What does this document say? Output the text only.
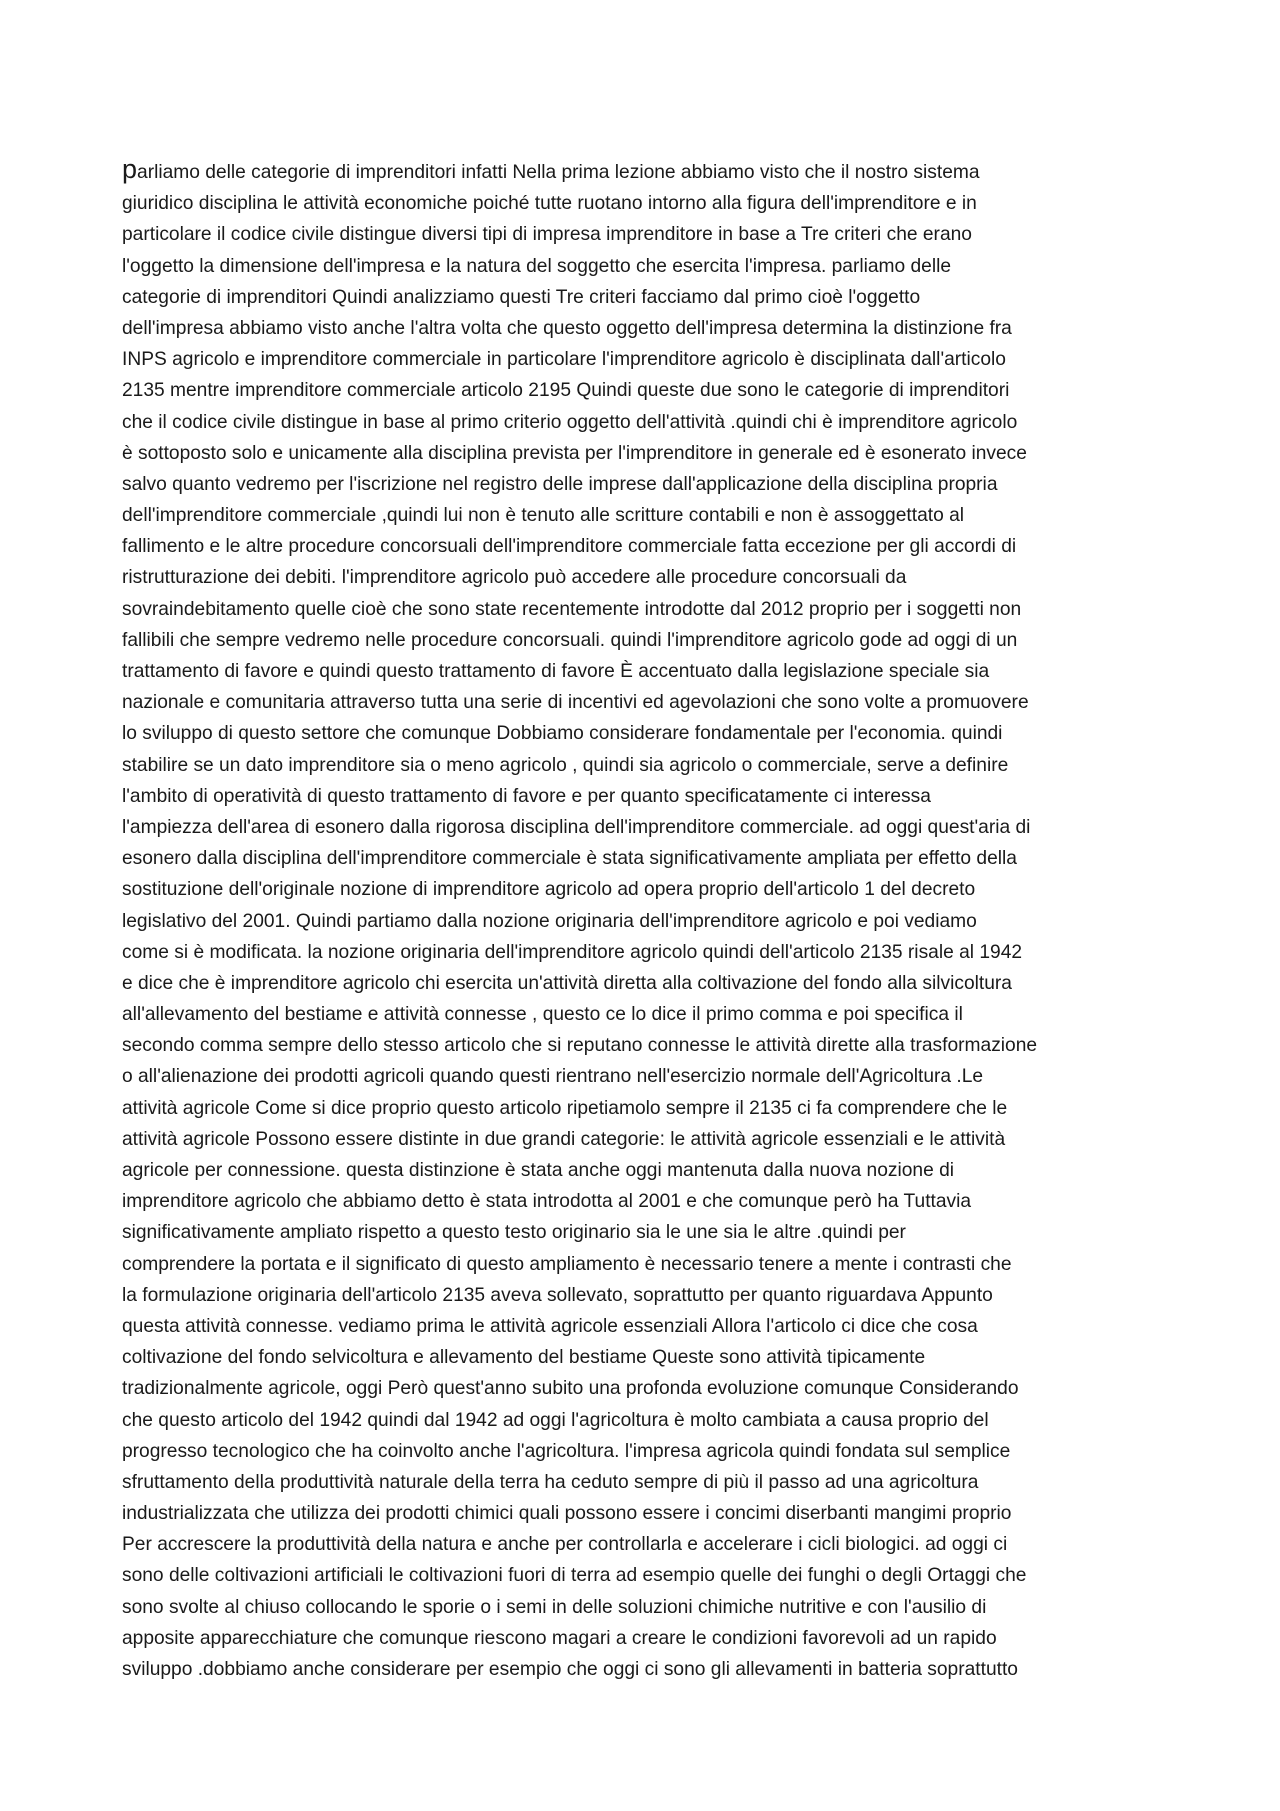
parliamo delle categorie di imprenditori infatti Nella prima lezione abbiamo visto che il nostro sistema
giuridico disciplina le attività economiche poiché tutte ruotano intorno alla figura dell'imprenditore e in
particolare il codice civile distingue diversi tipi di impresa imprenditore in base a Tre criteri che erano
l'oggetto la dimensione dell'impresa e la natura del soggetto che esercita l'impresa. parliamo delle
categorie di imprenditori Quindi analizziamo questi Tre criteri facciamo dal primo cioè l'oggetto
dell'impresa abbiamo visto anche l'altra volta che questo oggetto dell'impresa determina la distinzione fra
INPS agricolo e imprenditore commerciale in particolare l'imprenditore agricolo è disciplinata dall'articolo
2135 mentre imprenditore commerciale articolo 2195 Quindi queste due sono le categorie di imprenditori
che il codice civile distingue in base al primo criterio oggetto dell'attività .quindi chi è imprenditore agricolo
è sottoposto solo e unicamente alla disciplina prevista per l'imprenditore in generale ed è esonerato invece
salvo quanto vedremo per l'iscrizione nel registro delle imprese dall'applicazione della disciplina propria
dell'imprenditore commerciale ,quindi lui non è tenuto alle scritture contabili e non è assoggettato al
fallimento e le altre procedure concorsuali dell'imprenditore commerciale fatta eccezione per gli accordi di
ristrutturazione dei debiti. l'imprenditore agricolo può accedere alle procedure concorsuali da
sovraindebitamento quelle cioè che sono state recentemente introdotte dal 2012 proprio per i soggetti non
fallibili che sempre vedremo nelle procedure concorsuali. quindi l'imprenditore agricolo gode ad oggi di un
trattamento di favore e quindi questo trattamento di favore È accentuato dalla legislazione speciale sia
nazionale e comunitaria attraverso tutta una serie di incentivi ed agevolazioni che sono volte a promuovere
lo sviluppo di questo settore che comunque Dobbiamo considerare fondamentale per l'economia. quindi
stabilire se un dato imprenditore sia o meno agricolo , quindi sia agricolo o commerciale, serve a definire
l'ambito di operatività di questo trattamento di favore e per quanto specificatamente ci interessa
l'ampiezza dell'area di esonero dalla rigorosa disciplina dell'imprenditore commerciale. ad oggi quest'aria di
esonero dalla disciplina dell'imprenditore commerciale è stata significativamente ampliata per effetto della
sostituzione dell'originale nozione di imprenditore agricolo ad opera proprio dell'articolo 1 del decreto
legislativo del 2001. Quindi partiamo dalla nozione originaria dell'imprenditore agricolo e poi vediamo
come si è modificata. la nozione originaria dell'imprenditore agricolo quindi dell'articolo 2135 risale al 1942
e dice che è imprenditore agricolo chi esercita un'attività diretta alla coltivazione del fondo alla silvicoltura
all'allevamento del bestiame e attività connesse , questo ce lo dice il primo comma e poi specifica il
secondo comma sempre dello stesso articolo che si reputano connesse le attività dirette alla trasformazione
o all'alienazione dei prodotti agricoli quando questi rientrano nell'esercizio normale dell'Agricoltura .Le
attività agricole Come si dice proprio questo articolo ripetiamolo sempre il 2135 ci fa comprendere che le
attività agricole Possono essere distinte in due grandi categorie: le attività agricole essenziali e le attività
agricole per connessione. questa distinzione è stata anche oggi mantenuta dalla nuova nozione di
imprenditore agricolo che abbiamo detto è stata introdotta al 2001 e che comunque però ha Tuttavia
significativamente ampliato rispetto a questo testo originario sia le une sia le altre .quindi per
comprendere la portata e il significato di questo ampliamento è necessario tenere a mente i contrasti che
la formulazione originaria dell'articolo 2135 aveva sollevato, soprattutto per quanto riguardava Appunto
questa attività connesse. vediamo prima le attività agricole essenziali Allora l'articolo ci dice che cosa
coltivazione del fondo selvicoltura e allevamento del bestiame Queste sono attività tipicamente
tradizionalmente agricole, oggi Però quest'anno subito una profonda evoluzione comunque Considerando
che questo articolo del 1942 quindi dal 1942 ad oggi l'agricoltura è molto cambiata a causa proprio del
progresso tecnologico che ha coinvolto anche l'agricoltura. l'impresa agricola quindi fondata sul semplice
sfruttamento della produttività naturale della terra ha ceduto sempre di più il passo ad una agricoltura
industrializzata che utilizza dei prodotti chimici quali possono essere i concimi diserbanti mangimi proprio
Per accrescere la produttività della natura e anche per controllarla e accelerare i cicli biologici. ad oggi ci
sono delle coltivazioni artificiali le coltivazioni fuori di terra ad esempio quelle dei funghi o degli Ortaggi che
sono svolte al chiuso collocando le sporie o i semi in delle soluzioni chimiche nutritive e con l'ausilio di
apposite apparecchiature che comunque riescono magari a creare le condizioni favorevoli ad un rapido
sviluppo .dobbiamo anche considerare per esempio che oggi ci sono gli allevamenti in batteria soprattutto
